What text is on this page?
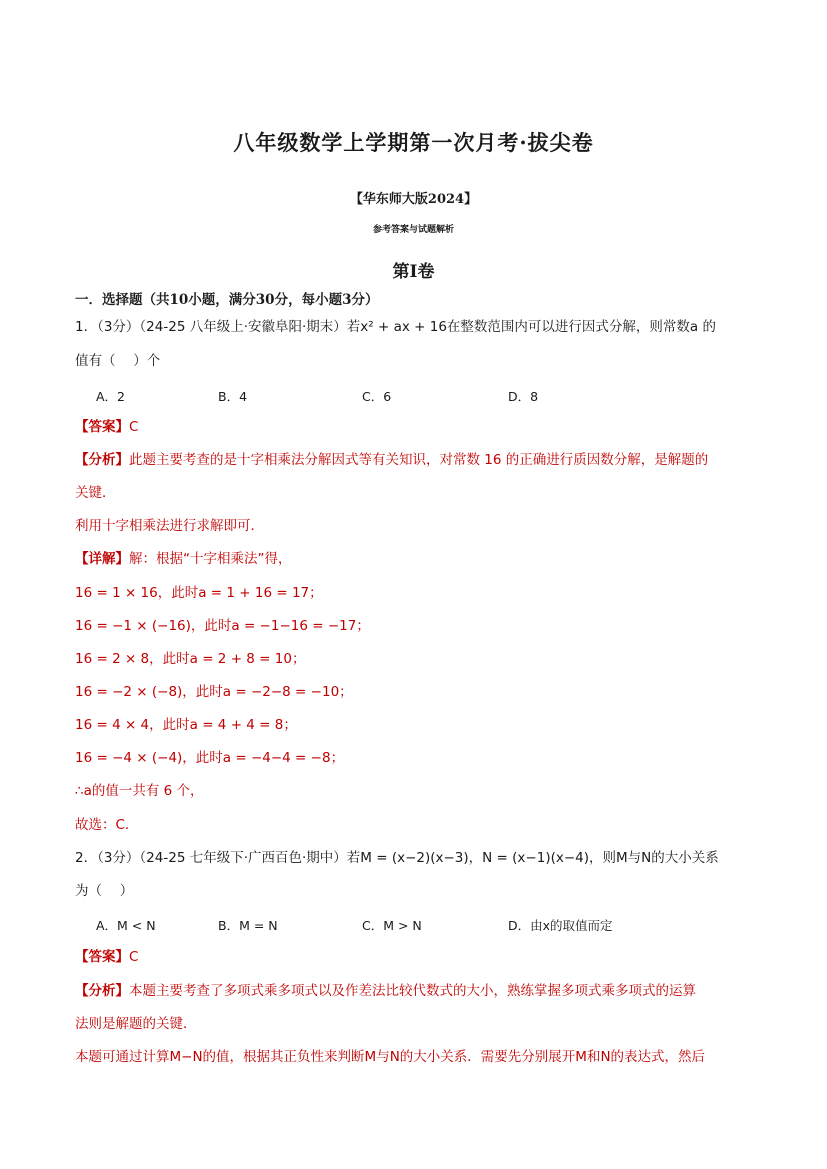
八年级数学上学期第一次月考·拔尖卷
【华东师大版2024】
参考答案与试题解析
第I卷
一．选择题（共10小题，满分30分，每小题3分）
1．（3分）（24-25 八年级上·安徽阜阳·期末）若x² + ax + 16在整数范围内可以进行因式分解，则常数a 的
值有（　 ）个
A．2	B．4	C．6	D．8
【答案】C
【分析】此题主要考查的是十字相乘法分解因式等有关知识，对常数 16 的正确进行质因数分解，是解题的
关键．
利用十字相乘法进行求解即可．
【详解】解：根据“十字相乘法”得，
16 = 1 × 16，此时a = 1 + 16 = 17；
16 = −1 × (−16)，此时a = −1−16 = −17；
16 = 2 × 8，此时a = 2 + 8 = 10；
16 = −2 × (−8)，此时a = −2−8 = −10；
16 = 4 × 4，此时a = 4 + 4 = 8；
16 = −4 × (−4)，此时a = −4−4 = −8；
∴a的值一共有 6 个，
故选：C．
2．（3分）（24-25 七年级下·广西百色·期中）若M = (x−2)(x−3)，N = (x−1)(x−4)，则M与N的大小关系
为（　 ）
A．M < N	B．M = N	C．M > N	D．由x的取值而定
【答案】C
【分析】本题主要考查了多项式乘多项式以及作差法比较代数式的大小，熟练掌握多项式乘多项式的运算
法则是解题的关键．
本题可通过计算M−N的值，根据其正负性来判断M与N的大小关系．需要先分别展开M和N的表达式，然后
